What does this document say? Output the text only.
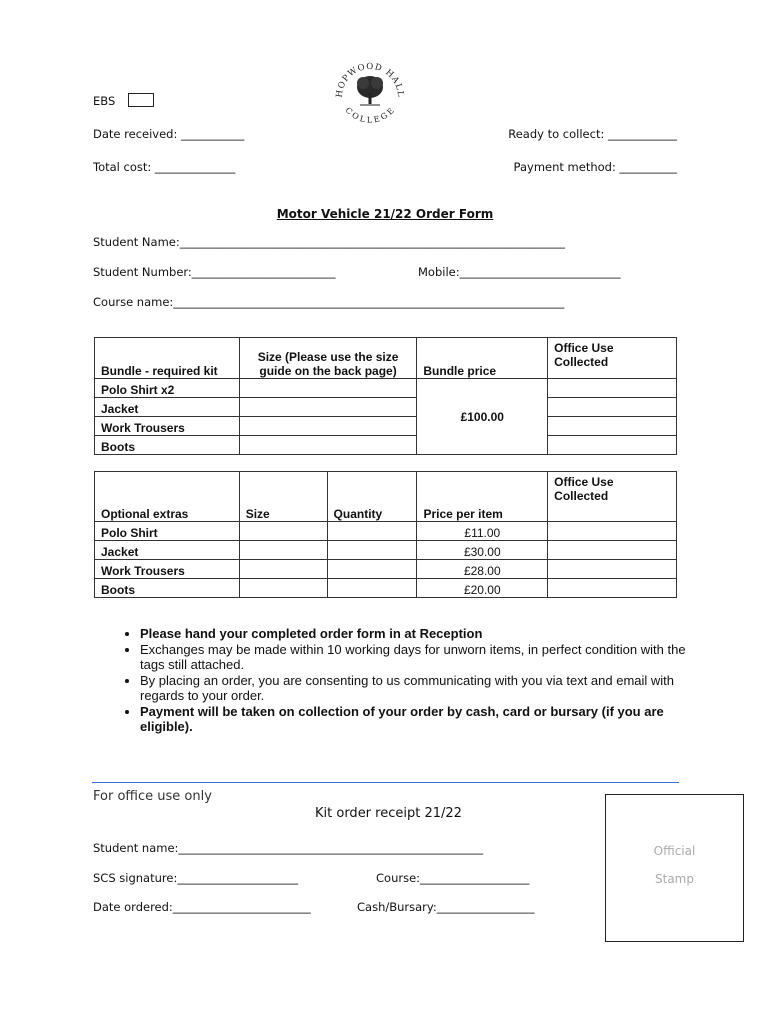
HOPWOOD HALL
COLLEGE
EBS
Date received: ___________	Ready to collect: ____________
Total cost: ______________	Payment method: __________
Motor Vehicle 21/22 Order Form
Student Name:___________________________________________________________________
Student Number:_________________________	Mobile:____________________________
Course name:____________________________________________________________________
Bundle - required kit	Size (Please use the size guide on the back page)	Bundle price	Office Use Collected
Polo Shirt x2		£100.00	
Jacket			
Work Trousers			
Boots			
Optional extras	Size	Quantity	Price per item	Office Use Collected
Polo Shirt			£11.00	
Jacket			£30.00	
Work Trousers			£28.00	
Boots			£20.00	
• Please hand your completed order form in at Reception
• Exchanges may be made within 10 working days for unworn items, in perfect condition with the tags still attached.
• By placing an order, you are consenting to us communicating with you via text and email with regards to your order.
• Payment will be taken on collection of your order by cash, card or bursary (if you are eligible).
For office use only
Kit order receipt 21/22
Student name:_____________________________________________________
SCS signature:_____________________	Course:___________________
Date ordered:________________________	Cash/Bursary:_________________
Official
Stamp
